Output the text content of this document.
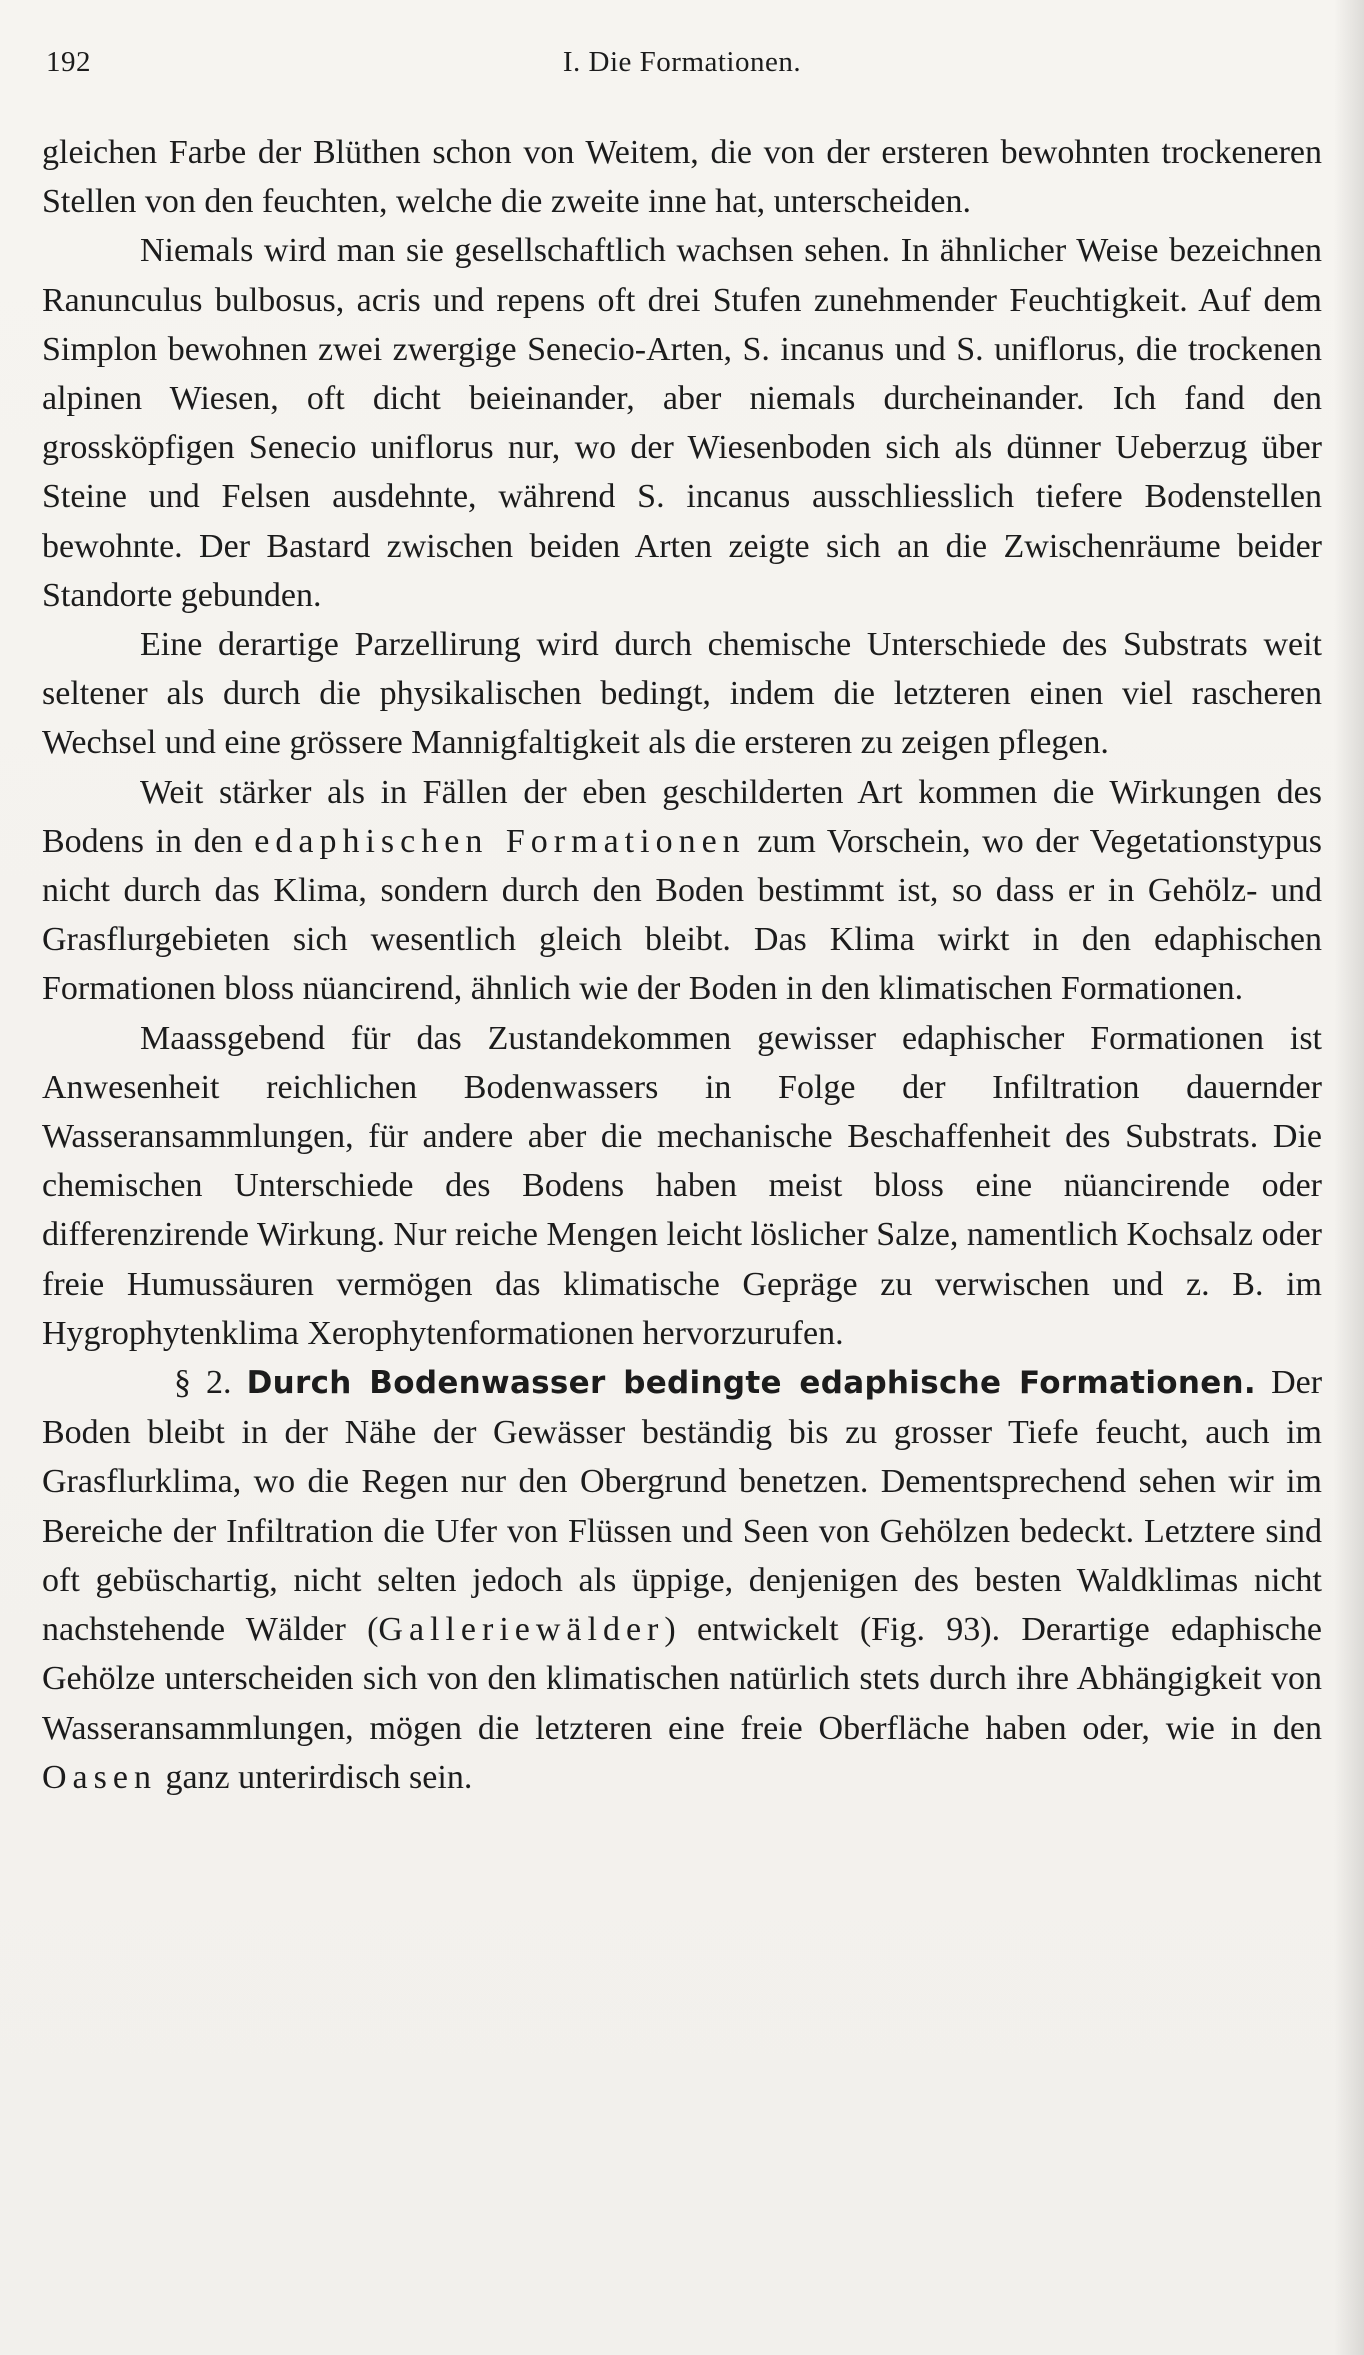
192	I. Die Formationen.

gleichen Farbe der Blüthen schon von Weitem, die von der ersteren bewohnten trockeneren Stellen von den feuchten, welche die zweite inne hat, unterscheiden.

Niemals wird man sie gesellschaftlich wachsen sehen. In ähnlicher Weise bezeichnen Ranunculus bulbosus, acris und repens oft drei Stufen zunehmender Feuchtigkeit. Auf dem Simplon bewohnen zwei zwergige Senecio-Arten, S. incanus und S. uniflorus, die trockenen alpinen Wiesen, oft dicht beieinander, aber niemals durcheinander. Ich fand den grossköpfigen Senecio uniflorus nur, wo der Wiesenboden sich als dünner Ueberzug über Steine und Felsen ausdehnte, während S. incanus ausschliesslich tiefere Bodenstellen bewohnte. Der Bastard zwischen beiden Arten zeigte sich an die Zwischenräume beider Standorte gebunden.

Eine derartige Parzellirung wird durch chemische Unterschiede des Substrats weit seltener als durch die physikalischen bedingt, indem die letzteren einen viel rascheren Wechsel und eine grössere Mannigfaltigkeit als die ersteren zu zeigen pflegen.

Weit stärker als in Fällen der eben geschilderten Art kommen die Wirkungen des Bodens in den edaphischen Formationen zum Vorschein, wo der Vegetationstypus nicht durch das Klima, sondern durch den Boden bestimmt ist, so dass er in Gehölz- und Grasflurgebieten sich wesentlich gleich bleibt. Das Klima wirkt in den edaphischen Formationen bloss nüancirend, ähnlich wie der Boden in den klimatischen Formationen.

Maassgebend für das Zustandekommen gewisser edaphischer Formationen ist Anwesenheit reichlichen Bodenwassers in Folge der Infiltration dauernder Wasseransammlungen, für andere aber die mechanische Beschaffenheit des Substrats. Die chemischen Unterschiede des Bodens haben meist bloss eine nüancirende oder differenzirende Wirkung. Nur reiche Mengen leicht löslicher Salze, namentlich Kochsalz oder freie Humussäuren vermögen das klimatische Gepräge zu verwischen und z. B. im Hygrophytenklima Xerophytenformationen hervorzurufen.

§ 2. Durch Bodenwasser bedingte edaphische Formationen. Der Boden bleibt in der Nähe der Gewässer beständig bis zu grosser Tiefe feucht, auch im Grasflurklima, wo die Regen nur den Obergrund benetzen. Dementsprechend sehen wir im Bereiche der Infiltration die Ufer von Flüssen und Seen von Gehölzen bedeckt. Letztere sind oft gebüschartig, nicht selten jedoch als üppige, denjenigen des besten Waldklimas nicht nachstehende Wälder (Galleriewälder) entwickelt (Fig. 93). Derartige edaphische Gehölze unterscheiden sich von den klimatischen natürlich stets durch ihre Abhängigkeit von Wasseransammlungen, mögen die letzteren eine freie Oberfläche haben oder, wie in den Oasen ganz unterirdisch sein.
